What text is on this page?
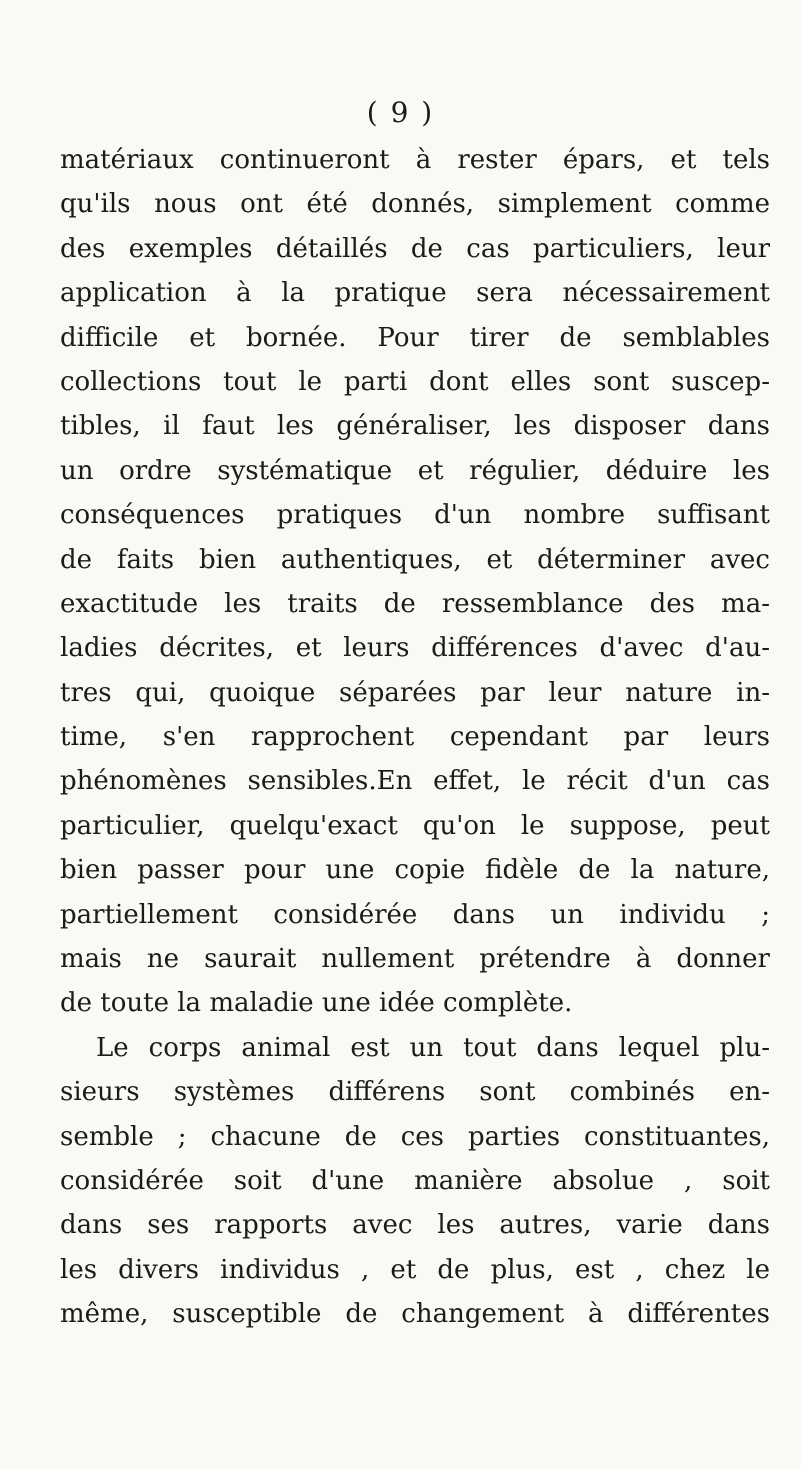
( 9 )
matériaux continueront à rester épars, et tels
qu'ils nous ont été donnés, simplement comme
des exemples détaillés de cas particuliers, leur
application à la pratique sera nécessairement
difficile et bornée. Pour tirer de semblables
collections tout le parti dont elles sont suscep-
tibles, il faut les généraliser, les disposer dans
un ordre systématique et régulier, déduire les
conséquences pratiques d'un nombre suffisant
de faits bien authentiques, et déterminer avec
exactitude les traits de ressemblance des ma-
ladies décrites, et leurs différences d'avec d'au-
tres qui, quoique séparées par leur nature in-
time, s'en rapprochent cependant par leurs
phénomènes sensibles.En effet, le récit d'un cas
particulier, quelqu'exact qu'on le suppose, peut
bien passer pour une copie fidèle de la nature,
partiellement considérée dans un individu ;
mais ne saurait nullement prétendre à donner
de toute la maladie une idée complète.
Le corps animal est un tout dans lequel plu-
sieurs systèmes différens sont combinés en-
semble ; chacune de ces parties constituantes,
considérée soit d'une manière absolue , soit
dans ses rapports avec les autres, varie dans
les divers individus , et de plus, est , chez le
même, susceptible de changement à différentes
